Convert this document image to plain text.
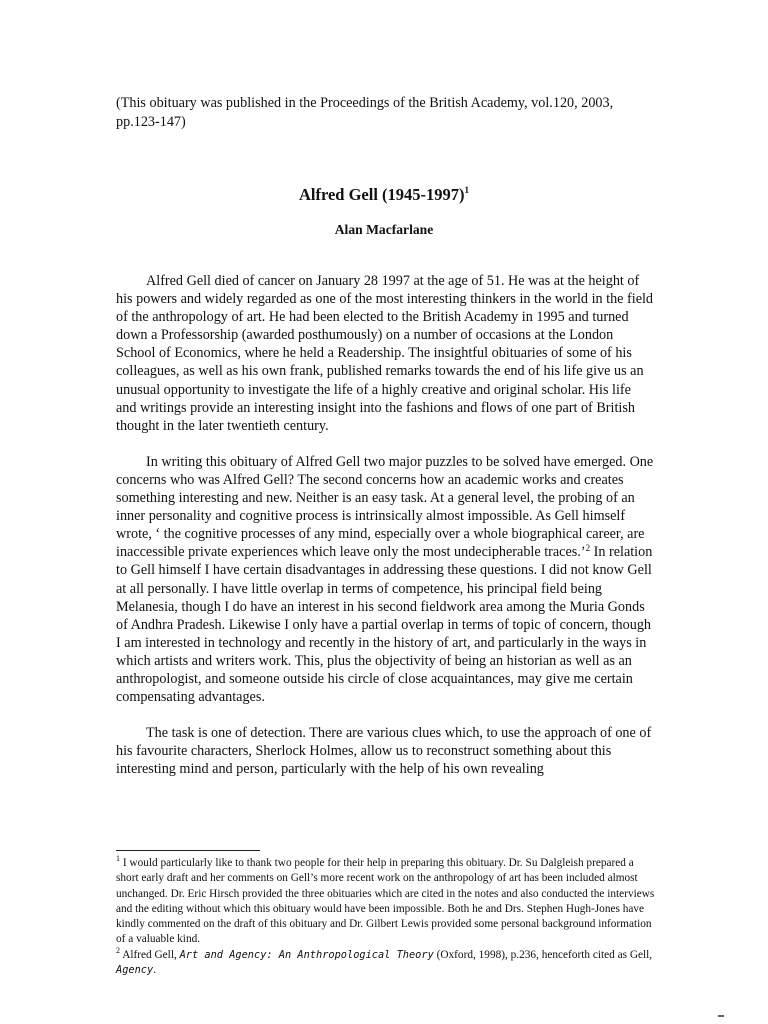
(This obituary was published in the Proceedings of the British Academy, vol.120, 2003, pp.123-147)
Alfred Gell (1945-1997)$^1$
Alan Macfarlane

Alfred Gell died of cancer on January 28 1997 at the age of 51. He was at the height of his powers and widely regarded as one of the most interesting thinkers in the world in the field of the anthropology of art. He had been elected to the British Academy in 1995 and turned down a Professorship (awarded posthumously) on a number of occasions at the London School of Economics, where he held a Readership. The insightful obituaries of some of his colleagues, as well as his own frank, published remarks towards the end of his life give us an unusual opportunity to investigate the life of a highly creative and original scholar. His life and writings provide an interesting insight into the fashions and flows of one part of British thought in the later twentieth century.

In writing this obituary of Alfred Gell two major puzzles to be solved have emerged. One concerns who was Alfred Gell? The second concerns how an academic works and creates something interesting and new. Neither is an easy task. At a general level, the probing of an inner personality and cognitive process is intrinsically almost impossible. As Gell himself wrote, ‘ the cognitive processes of any mind, especially over a whole biographical career, are inaccessible private experiences which leave only the most undecipherable traces.’$^2$ In relation to Gell himself I have certain disadvantages in addressing these questions. I did not know Gell at all personally. I have little overlap in terms of competence, his principal field being Melanesia, though I do have an interest in his second fieldwork area among the Muria Gonds of Andhra Pradesh. Likewise I only have a partial overlap in terms of topic of concern, though I am interested in technology and recently in the history of art, and particularly in the ways in which artists and writers work. This, plus the objectivity of being an historian as well as an anthropologist, and someone outside his circle of close acquaintances, may give me certain compensating advantages.

The task is one of detection. There are various clues which, to use the approach of one of his favourite characters, Sherlock Holmes, allow us to reconstruct something about this interesting mind and person, particularly with the help of his own revealing

$^1$ I would particularly like to thank two people for their help in preparing this obituary. Dr. Su Dalgleish prepared a short early draft and her comments on Gell’s more recent work on the anthropology of art has been included almost unchanged. Dr. Eric Hirsch provided the three obituaries which are cited in the notes and also conducted the interviews and the editing without which this obituary would have been impossible. Both he and Drs. Stephen Hugh-Jones have kindly commented on the draft of this obituary and Dr. Gilbert Lewis provided some personal background information of a valuable kind.

$^2$ Alfred Gell, Art and Agency: An Anthropological Theory (Oxford, 1998), p.236, henceforth cited as Gell, Agency.
